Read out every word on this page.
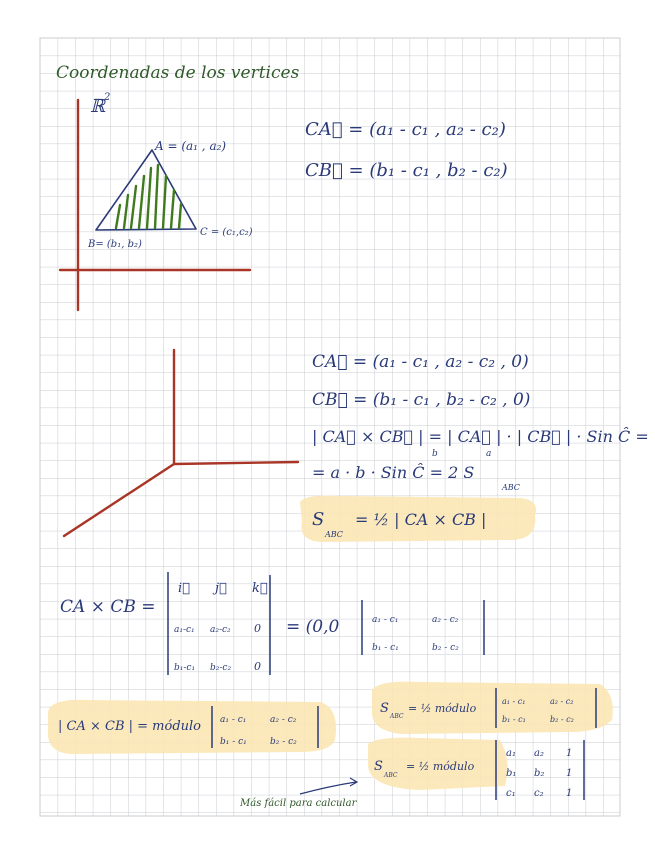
Coordenadas de los vertices
ℝ 2
A = (a₁ , a₂)
B= (b₁, b₂)
C = (c₁,c₂)
CA⃗ = (a₁ - c₁ , a₂ - c₂)
CB⃗ = (b₁ - c₁ , b₂ - c₂)
CA⃗ = (a₁ - c₁ , a₂ - c₂ , 0)
CB⃗ = (b₁ - c₁ , b₂ - c₂ , 0)
| CA⃗ × CB⃗ | = | CA⃗ | · | CB⃗ | · Sin Ĉ =
b	a
= a · b · Sin Ĉ = 2 S
ABC
S
ABC
= ½ | CA × CB |
CA × CB =
i⃗ j⃗ k⃗
a₁-c₁ a₂-c₂ 0
b₁-c₁ b₂-c₂ 0
= (0,0	a₁ - c₁	a₂ - c₂
b₁ - c₁	b₂ - c₂
| CA × CB | = módulo a₁ - c₁	a₂ - c₂
b₁ - c₁	b₂ - c₂
S
ABC
= ½ módulo
a₁ - c₁	a₂ - c₂
b₁ - c₁	b₂ - c₂
S
ABC
= ½ módulo
a₁ a₂ 1
b₁ b₂ 1
c₁ c₂ 1
Más fácil para calcular
